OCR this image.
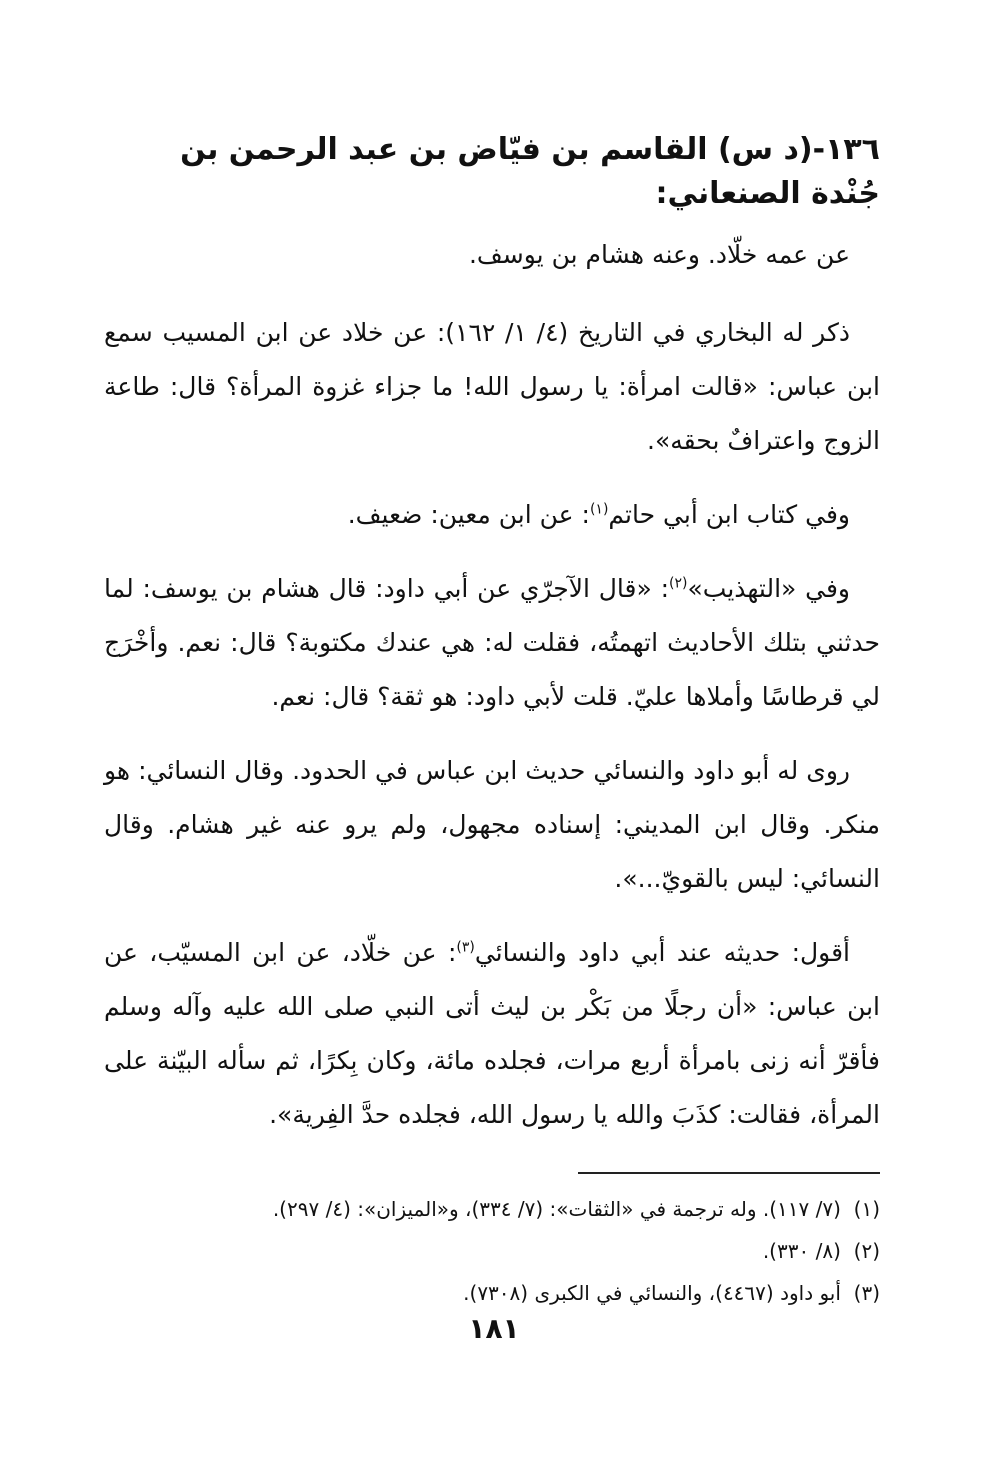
١٣٦-(د س) القاسم بن فيّاض بن عبد الرحمن بن جُنْدة الصنعاني:

عن عمه خلّاد. وعنه هشام بن يوسف.

ذكر له البخاري في التاريخ (٤/ ١/ ١٦٢): عن خلاد عن ابن المسيب سمع ابن عباس: «قالت امرأة: يا رسول الله! ما جزاء غزوة المرأة؟ قال: طاعة الزوج واعترافٌ بحقه».

وفي كتاب ابن أبي حاتم$^{(١)}$: عن ابن معين: ضعيف.

وفي «التهذيب»$^{(٢)}$: «قال الآجرّي عن أبي داود: قال هشام بن يوسف: لما حدثني بتلك الأحاديث اتهمتُه، فقلت له: هي عندك مكتوبة؟ قال: نعم. وأخْرَج لي قرطاسًا وأملاها عليّ. قلت لأبي داود: هو ثقة؟ قال: نعم.

روى له أبو داود والنسائي حديث ابن عباس في الحدود. وقال النسائي: هو منكر. وقال ابن المديني: إسناده مجهول، ولم يرو عنه غير هشام. وقال النسائي: ليس بالقويّ...».

أقول: حديثه عند أبي داود والنسائي$^{(٣)}$: عن خلّاد، عن ابن المسيّب، عن ابن عباس: «أن رجلًا من بَكْر بن ليث أتى النبي صلى الله عليه وآله وسلم فأقرّ أنه زنى بامرأة أربع مرات، فجلده مائة، وكان بِكرًا، ثم سأله البيّنة على المرأة، فقالت: كذَبَ والله يا رسول الله، فجلده حدَّ الفِرية».

(١)  (٧/ ١١٧). وله ترجمة في «الثقات»: (٧/ ٣٣٤)، و«الميزان»: (٤/ ٢٩٧).

(٢)  (٨/ ٣٣٠).

(٣)  أبو داود (٤٤٦٧)، والنسائي في الكبرى (٧٣٠٨).

١٨١
